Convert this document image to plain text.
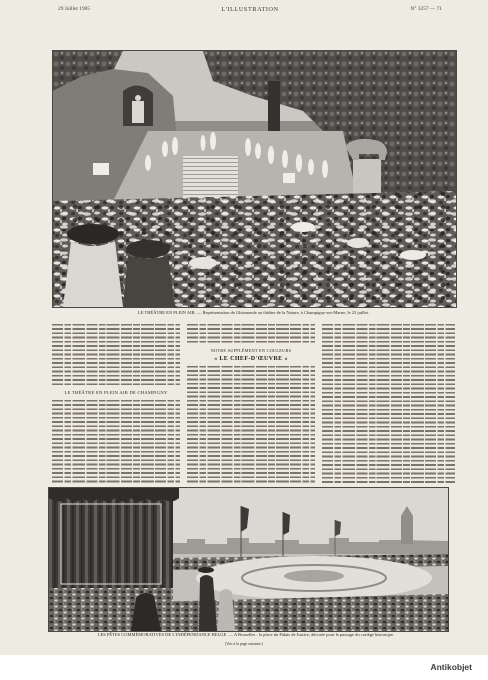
29 Juillet 1905	L'ILLUSTRATION	N° 3257 — 71
LE THÉÂTRE EN PLEIN AIR. — Représentation de Ghismonde au théâtre de la Nature, à Champigny-sur-Marne, le 23 juillet.
LE THÉÂTRE EN PLEIN AIR DE CHAMPIGNY
NOTRE SUPPLÉMENT EN COULEURS
« LE CHEF-D'ŒUVRE »
LES FÊTES COMMÉMORATIVES DE L'INDÉPENDANCE BELGE. — A Bruxelles : la place du Palais de Justice, décorée pour le passage du cortège historique.
(Voir à la page suivante.)
Antikobjet
